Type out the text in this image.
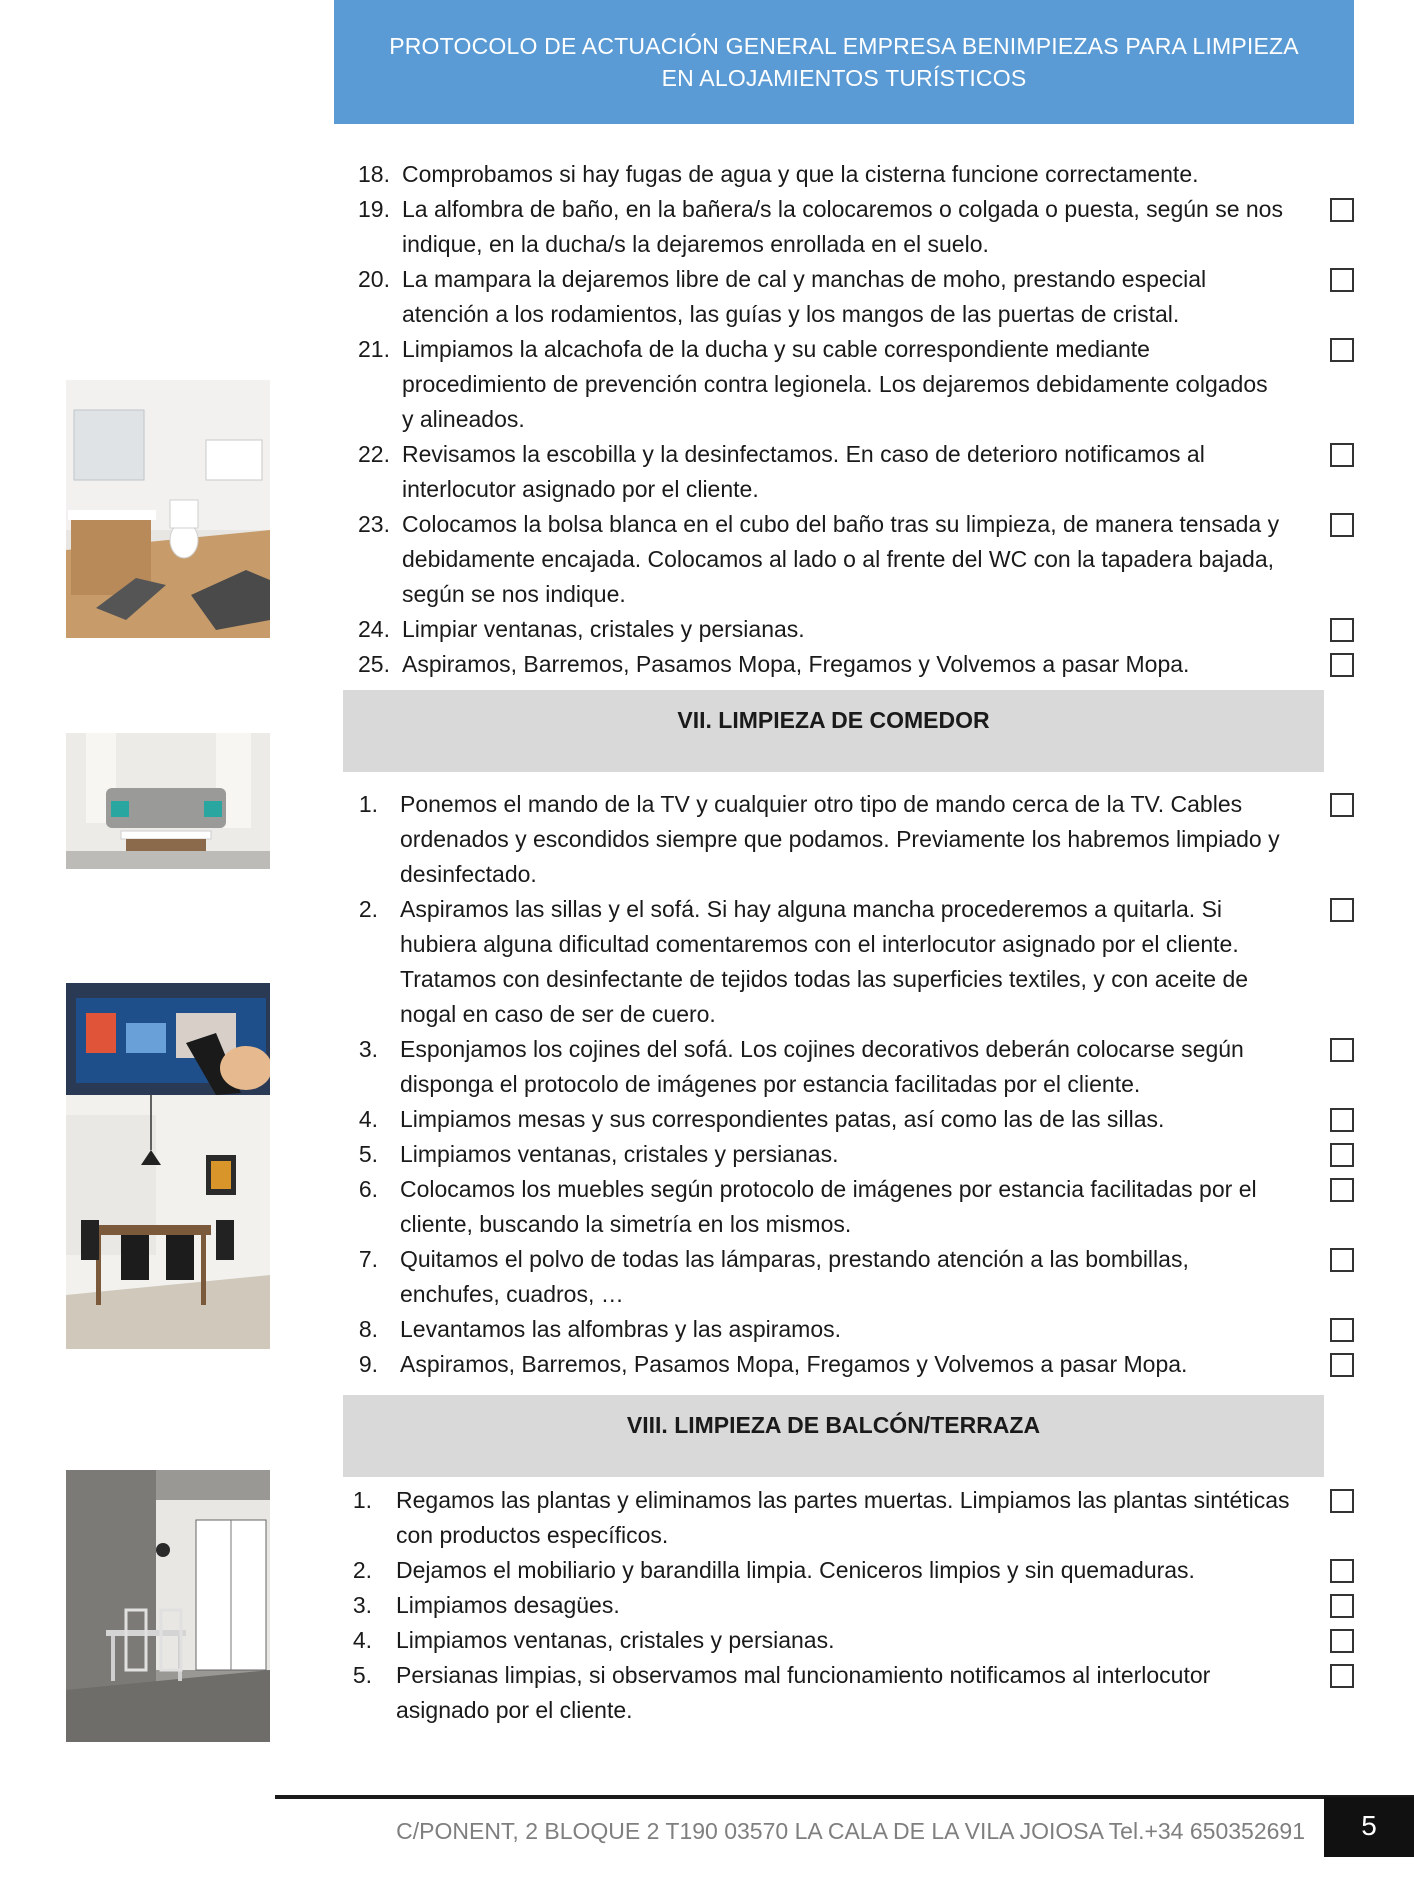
PROTOCOLO DE ACTUACIÓN GENERAL EMPRESA BENIMPIEZAS PARA LIMPIEZA EN ALOJAMIENTOS TURÍSTICOS
18. Comprobamos si hay fugas de agua y que la cisterna funcione correctamente.
19. La alfombra de baño, en la bañera/s la colocaremos o colgada o puesta, según se nos
indique, en la ducha/s la dejaremos enrollada en el suelo.
20. La mampara la dejaremos libre de cal y manchas de moho, prestando especial
atención a los rodamientos, las guías y los mangos de las puertas de cristal.
21. Limpiamos la alcachofa de la ducha y su cable correspondiente mediante
procedimiento de prevención contra legionela. Los dejaremos debidamente colgados
y alineados.
22. Revisamos la escobilla y la desinfectamos. En caso de deterioro notificamos al
interlocutor asignado por el cliente.
23. Colocamos la bolsa blanca en el cubo del baño tras su limpieza, de manera tensada y
debidamente encajada. Colocamos al lado o al frente del WC con la tapadera bajada,
según se nos indique.
24. Limpiar ventanas, cristales y persianas.
25. Aspiramos, Barremos, Pasamos Mopa, Fregamos y Volvemos a pasar Mopa.
VII. LIMPIEZA DE COMEDOR
1. Ponemos el mando de la TV y cualquier otro tipo de mando cerca de la TV. Cables
ordenados y escondidos siempre que podamos. Previamente los habremos limpiado y
desinfectado.
2. Aspiramos las sillas y el sofá. Si hay alguna mancha procederemos a quitarla. Si
hubiera alguna dificultad comentaremos con el interlocutor asignado por el cliente.
Tratamos con desinfectante de tejidos todas las superficies textiles, y con aceite de
nogal en caso de ser de cuero.
3. Esponjamos los cojines del sofá. Los cojines decorativos deberán colocarse según
disponga el protocolo de imágenes por estancia facilitadas por el cliente.
4. Limpiamos mesas y sus correspondientes patas, así como las de las sillas.
5. Limpiamos ventanas, cristales y persianas.
6. Colocamos los muebles según protocolo de imágenes por estancia facilitadas por el
cliente, buscando la simetría en los mismos.
7. Quitamos el polvo de todas las lámparas, prestando atención a las bombillas,
enchufes, cuadros, …
8. Levantamos las alfombras y las aspiramos.
9. Aspiramos, Barremos, Pasamos Mopa, Fregamos y Volvemos a pasar Mopa.
VIII. LIMPIEZA DE BALCÓN/TERRAZA
1. Regamos las plantas y eliminamos las partes muertas. Limpiamos las plantas sintéticas
con productos específicos.
2. Dejamos el mobiliario y barandilla limpia. Ceniceros limpios y sin quemaduras.
3. Limpiamos desagües.
4. Limpiamos ventanas, cristales y persianas.
5. Persianas limpias, si observamos mal funcionamiento notificamos al interlocutor
asignado por el cliente.
C/PONENT, 2 BLOQUE 2 T190 03570 LA CALA DE LA VILA JOIOSA Tel.+34 650352691	5
